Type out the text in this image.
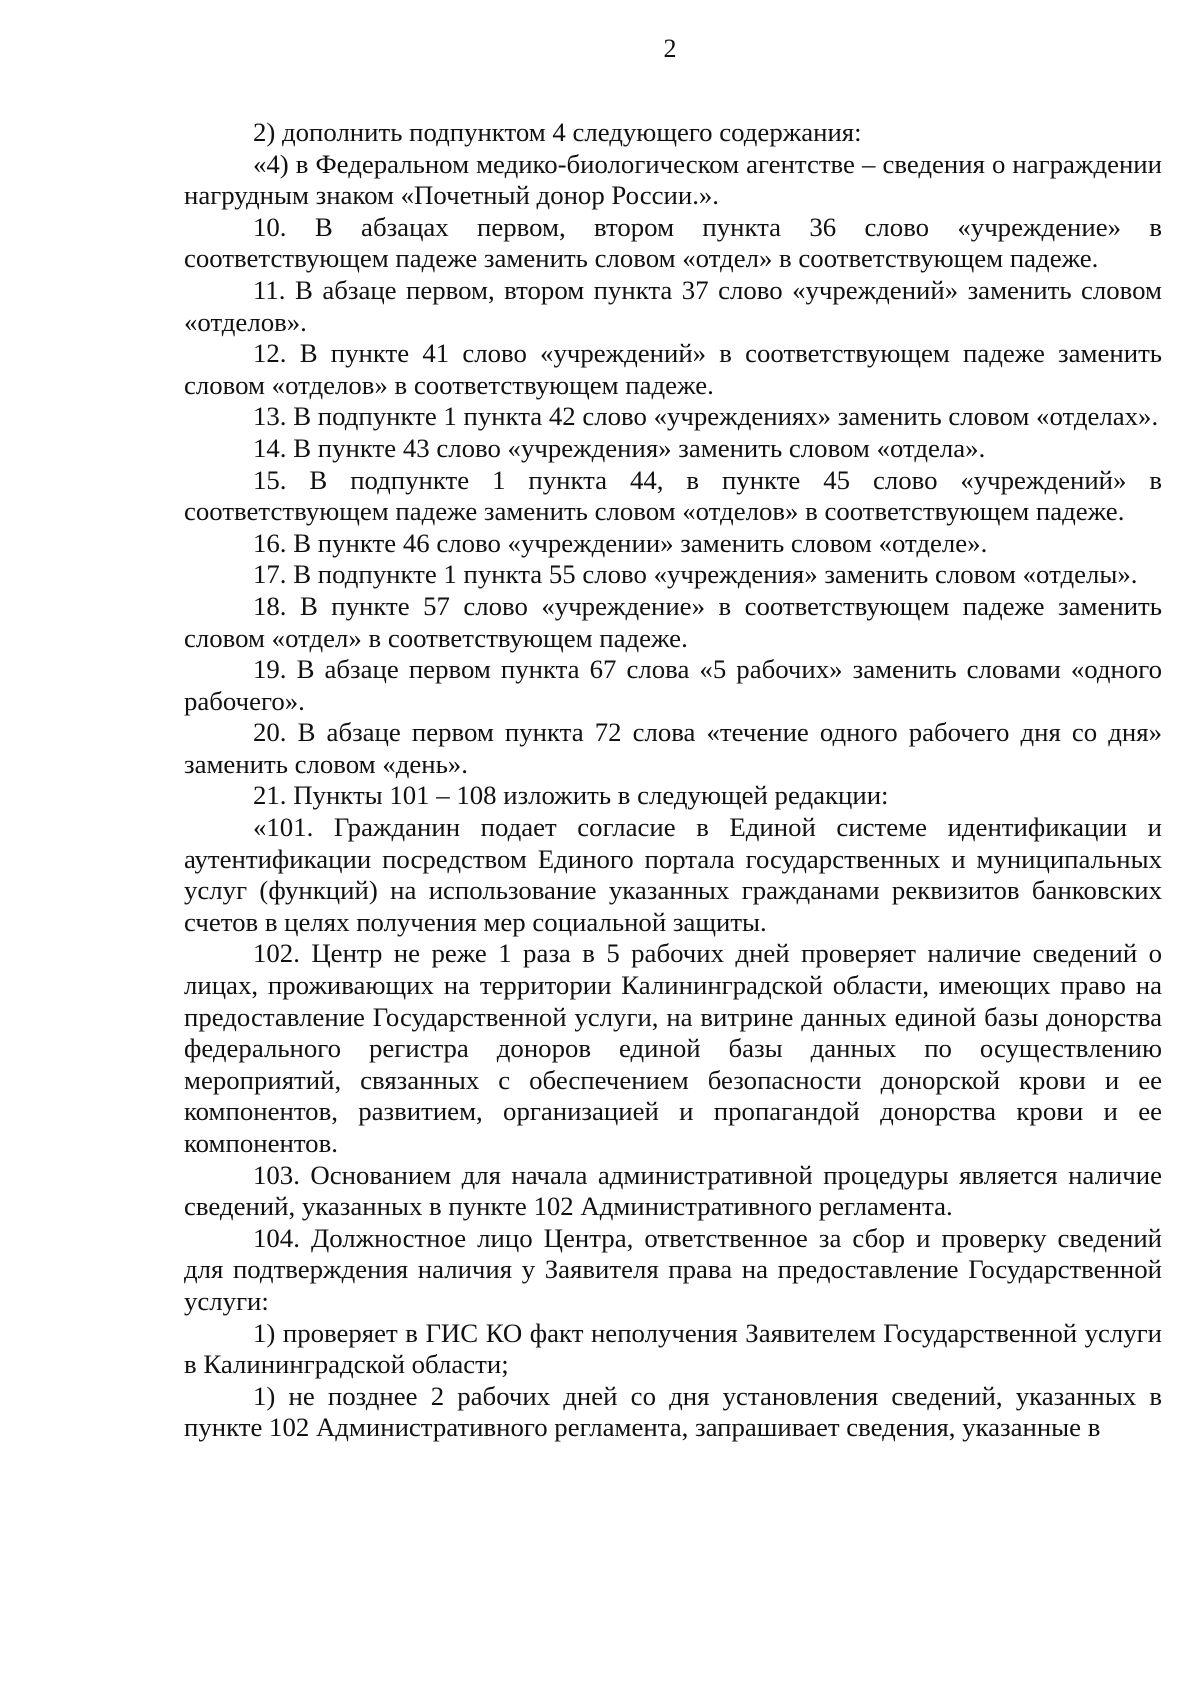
2

2) дополнить подпунктом 4 следующего содержания:

«4) в Федеральном медико-биологическом агентстве – сведения о награждении нагрудным знаком «Почетный донор России.».

10. В абзацах первом, втором пункта 36 слово «учреждение» в соответствующем падеже заменить словом «отдел» в соответствующем падеже.

11. В абзаце первом, втором пункта 37 слово «учреждений» заменить словом «отделов».

12. В пункте 41 слово «учреждений» в соответствующем падеже заменить словом «отделов» в соответствующем падеже.

13. В подпункте 1 пункта 42 слово «учреждениях» заменить словом «отделах».

14. В пункте 43 слово «учреждения» заменить словом «отдела».

15. В подпункте 1 пункта 44, в пункте 45 слово «учреждений» в соответствующем падеже заменить словом «отделов» в соответствующем падеже.

16. В пункте 46 слово «учреждении» заменить словом «отделе».

17. В подпункте 1 пункта 55 слово «учреждения» заменить словом «отделы».

18. В пункте 57 слово «учреждение» в соответствующем падеже заменить словом «отдел» в соответствующем падеже.

19. В абзаце первом пункта 67 слова «5 рабочих» заменить словами «одного рабочего».

20. В абзаце первом пункта 72 слова «течение одного рабочего дня со дня» заменить словом «день».

21. Пункты 101 – 108 изложить в следующей редакции:

«101. Гражданин подает согласие в Единой системе идентификации и аутентификации посредством Единого портала государственных и муниципальных услуг (функций) на использование указанных гражданами реквизитов банковских счетов в целях получения мер социальной защиты.

102. Центр не реже 1 раза в 5 рабочих дней проверяет наличие сведений о лицах, проживающих на территории Калининградской области, имеющих право на предоставление Государственной услуги, на витрине данных единой базы донорства федерального регистра доноров единой базы данных по осуществлению мероприятий, связанных с обеспечением безопасности донорской крови и ее компонентов, развитием, организацией и пропагандой донорства крови и ее компонентов.

103. Основанием для начала административной процедуры является наличие сведений, указанных в пункте 102 Административного регламента.

104. Должностное лицо Центра, ответственное за сбор и проверку сведений для подтверждения наличия у Заявителя права на предоставление Государственной услуги:

1) проверяет в ГИС КО факт неполучения Заявителем Государственной услуги в Калининградской области;

1) не позднее 2 рабочих дней со дня установления сведений, указанных в пункте 102 Административного регламента, запрашивает сведения, указанные в
